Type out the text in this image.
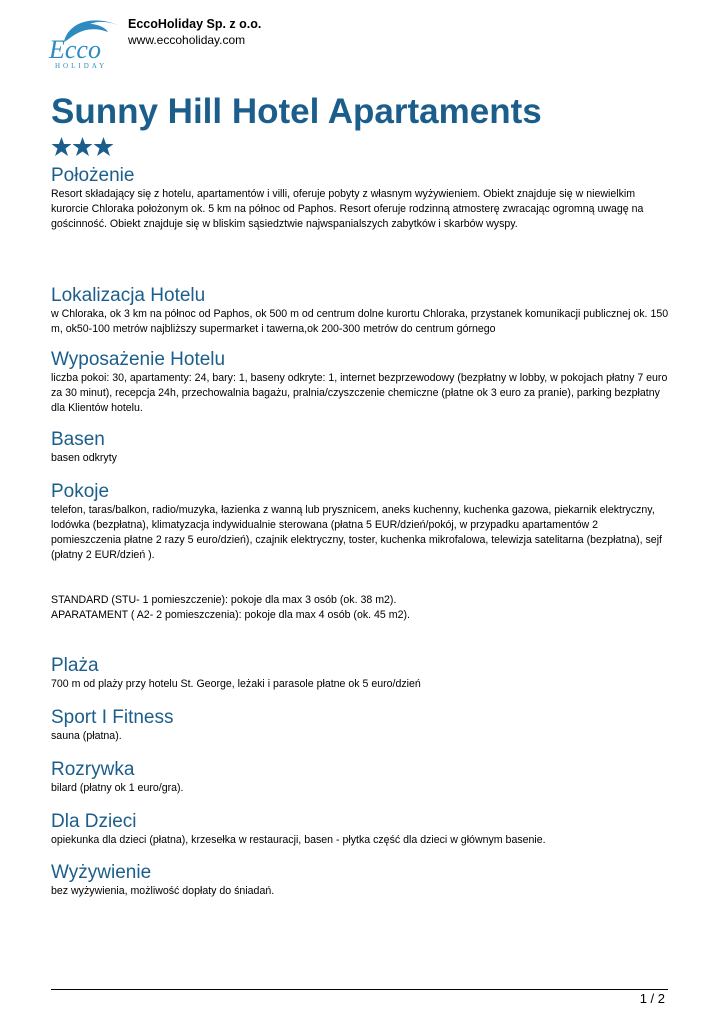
Ecco
HOLIDAY
EccoHoliday Sp. z o.o.
www.eccoholiday.com
Sunny Hill Hotel Apartaments
Położenie

Resort składający się z hotelu, apartamentów i villi, oferuje pobyty z własnym wyżywieniem. Obiekt znajduje się w niewielkim kurorcie Chloraka położonym ok. 5 km na północ od Paphos. Resort oferuje rodzinną atmosterę zwracając ogromną uwagę na gościnność. Obiekt znajduje się w bliskim sąsiedztwie najwspanialszych zabytków i skarbów wyspy.

Lokalizacja Hotelu

w Chloraka, ok 3 km na północ od Paphos, ok 500 m od centrum dolne kurortu Chloraka, przystanek komunikacji publicznej ok. 150 m, ok50-100 metrów najbliższy supermarket i tawerna,ok 200-300 metrów do centrum górnego

Wyposażenie Hotelu

liczba pokoi: 30, apartamenty: 24, bary: 1, baseny odkryte: 1, internet bezprzewodowy (bezpłatny w lobby, w pokojach płatny 7 euro za 30 minut), recepcja 24h, przechowalnia bagażu, pralnia/czyszczenie chemiczne (płatne ok 3 euro za pranie), parking bezpłatny dla Klientów hotelu.

Basen

basen odkryty

Pokoje

telefon, taras/balkon, radio/muzyka, łazienka z wanną lub prysznicem, aneks kuchenny, kuchenka gazowa, piekarnik elektryczny, lodówka (bezpłatna), klimatyzacja indywidualnie sterowana (płatna 5 EUR/dzień/pokój, w przypadku apartamentów 2 pomieszczenia płatne 2 razy 5 euro/dzień), czajnik elektryczny, toster, kuchenka mikrofalowa, telewizja satelitarna (bezpłatna), sejf (płatny 2 EUR/dzień ).

STANDARD (STU- 1 pomieszczenie): pokoje dla max 3 osób (ok. 38 m2).

APARATAMENT ( A2- 2 pomieszczenia): pokoje dla max 4 osób (ok. 45 m2).

Plaża

700 m od plaży przy hotelu St. George, leżaki i parasole płatne ok 5 euro/dzień

Sport I Fitness

sauna (płatna).

Rozrywka

bilard (płatny ok 1 euro/gra).

Dla Dzieci

opiekunka dla dzieci (płatna), krzesełka w restauracji, basen - płytka część dla dzieci w głównym basenie.

Wyżywienie

bez wyżywienia, możliwość dopłaty do śniadań.

1 / 2
